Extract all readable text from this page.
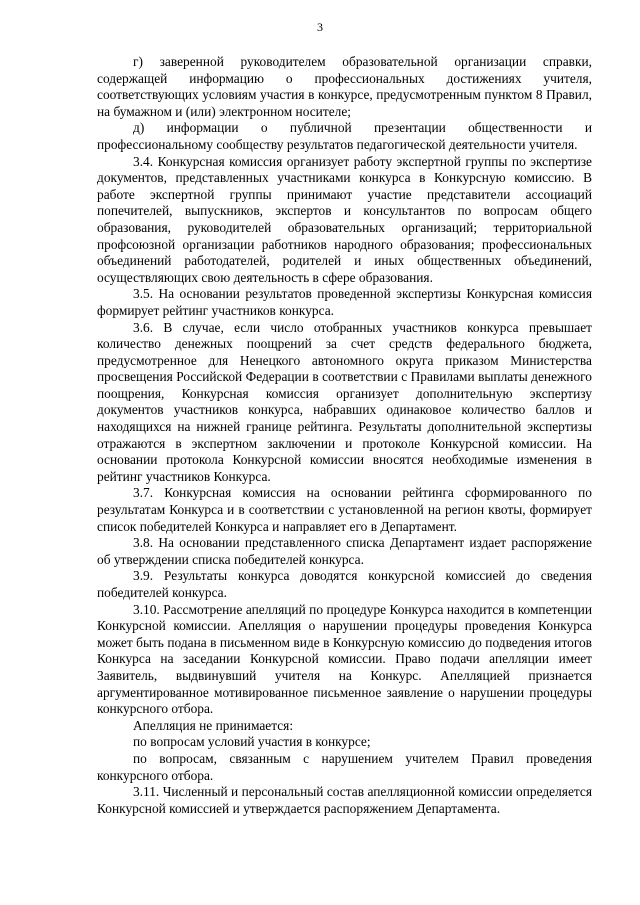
3

г) заверенной руководителем образовательной организации справки, содержащей информацию о профессиональных достижениях учителя, соответствующих условиям участия в конкурсе, предусмотренным пунктом 8 Правил, на бумажном и (или) электронном носителе;

д) информации о публичной презентации общественности и профессиональному сообществу результатов педагогической деятельности учителя.

3.4. Конкурсная комиссия организует работу экспертной группы по экспертизе документов, представленных участниками конкурса в Конкурсную комиссию. В работе экспертной группы принимают участие представители ассоциаций попечителей, выпускников, экспертов и консультантов по вопросам общего образования, руководителей образовательных организаций; территориальной профсоюзной организации работников народного образования; профессиональных объединений работодателей, родителей и иных общественных объединений, осуществляющих свою деятельность в сфере образования.

3.5. На основании результатов проведенной экспертизы Конкурсная комиссия формирует рейтинг участников конкурса.

3.6. В случае, если число отобранных участников конкурса превышает количество денежных поощрений за счет средств федерального бюджета, предусмотренное для Ненецкого автономного округа приказом Министерства просвещения Российской Федерации в соответствии с Правилами выплаты денежного поощрения, Конкурсная комиссия организует дополнительную экспертизу документов участников конкурса, набравших одинаковое количество баллов и находящихся на нижней границе рейтинга. Результаты дополнительной экспертизы отражаются в экспертном заключении и протоколе Конкурсной комиссии. На основании протокола Конкурсной комиссии вносятся необходимые изменения в рейтинг участников Конкурса.

3.7. Конкурсная комиссия на основании рейтинга сформированного по результатам Конкурса и в соответствии с установленной на регион квоты, формирует список победителей Конкурса и направляет его в Департамент.

3.8. На основании представленного списка Департамент издает распоряжение об утверждении списка победителей конкурса.

3.9. Результаты конкурса доводятся конкурсной комиссией до сведения победителей конкурса.

3.10. Рассмотрение апелляций по процедуре Конкурса находится в компетенции Конкурсной комиссии. Апелляция о нарушении процедуры проведения Конкурса может быть подана в письменном виде в Конкурсную комиссию до подведения итогов Конкурса на заседании Конкурсной комиссии. Право подачи апелляции имеет Заявитель, выдвинувший учителя на Конкурс. Апелляцией признается аргументированное мотивированное письменное заявление о нарушении процедуры конкурсного отбора.

Апелляция не принимается:

по вопросам условий участия в конкурсе;

по вопросам, связанным с нарушением учителем Правил проведения конкурсного отбора.

3.11. Численный и персональный состав апелляционной комиссии определяется Конкурсной комиссией и утверждается распоряжением Департамента.
